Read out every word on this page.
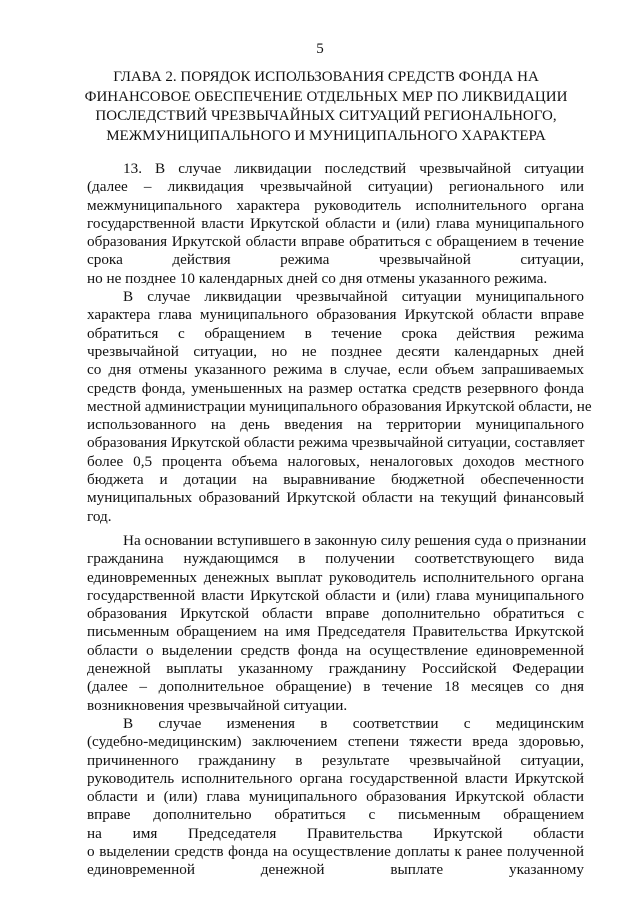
5
ГЛАВА 2. ПОРЯДОК ИСПОЛЬЗОВАНИЯ СРЕДСТВ ФОНДА НА
ФИНАНСОВОЕ ОБЕСПЕЧЕНИЕ ОТДЕЛЬНЫХ МЕР ПО ЛИКВИДАЦИИ
ПОСЛЕДСТВИЙ ЧРЕЗВЫЧАЙНЫХ СИТУАЦИЙ РЕГИОНАЛЬНОГО,
МЕЖМУНИЦИПАЛЬНОГО И МУНИЦИПАЛЬНОГО ХАРАКТЕРА
13. В случае ликвидации последствий чрезвычайной ситуации
(далее – ликвидация чрезвычайной ситуации) регионального или
межмуниципального характера руководитель исполнительного органа
государственной власти Иркутской области и (или) глава муниципального
образования Иркутской области вправе обратиться с обращением в течение
срока действия режима чрезвычайной ситуации,
но не позднее 10 календарных дней со дня отмены указанного режима.
В случае ликвидации чрезвычайной ситуации муниципального
характера глава муниципального образования Иркутской области вправе
обратиться с обращением в течение срока действия режима
чрезвычайной ситуации, но не позднее десяти календарных дней
со дня отмены указанного режима в случае, если объем запрашиваемых
средств фонда, уменьшенных на размер остатка средств резервного фонда
местной администрации муниципального образования Иркутской области, не
использованного на день введения на территории муниципального
образования Иркутской области режима чрезвычайной ситуации, составляет
более 0,5 процента объема налоговых, неналоговых доходов местного
бюджета и дотации на выравнивание бюджетной обеспеченности
муниципальных образований Иркутской области на текущий финансовый
год.
На основании вступившего в законную силу решения суда о признании
гражданина нуждающимся в получении соответствующего вида
единовременных денежных выплат руководитель исполнительного органа
государственной власти Иркутской области и (или) глава муниципального
образования Иркутской области вправе дополнительно обратиться с
письменным обращением на имя Председателя Правительства Иркутской
области о выделении средств фонда на осуществление единовременной
денежной выплаты указанному гражданину Российской Федерации
(далее – дополнительное обращение) в течение 18 месяцев со дня
возникновения чрезвычайной ситуации.
В случае изменения в соответствии с медицинским
(судебно-медицинским) заключением степени тяжести вреда здоровью,
причиненного гражданину в результате чрезвычайной ситуации,
руководитель исполнительного органа государственной власти Иркутской
области и (или) глава муниципального образования Иркутской области
вправе дополнительно обратиться с письменным обращением
на имя Председателя Правительства Иркутской области
о выделении средств фонда на осуществление доплаты к ранее полученной
единовременной денежной выплате указанному
